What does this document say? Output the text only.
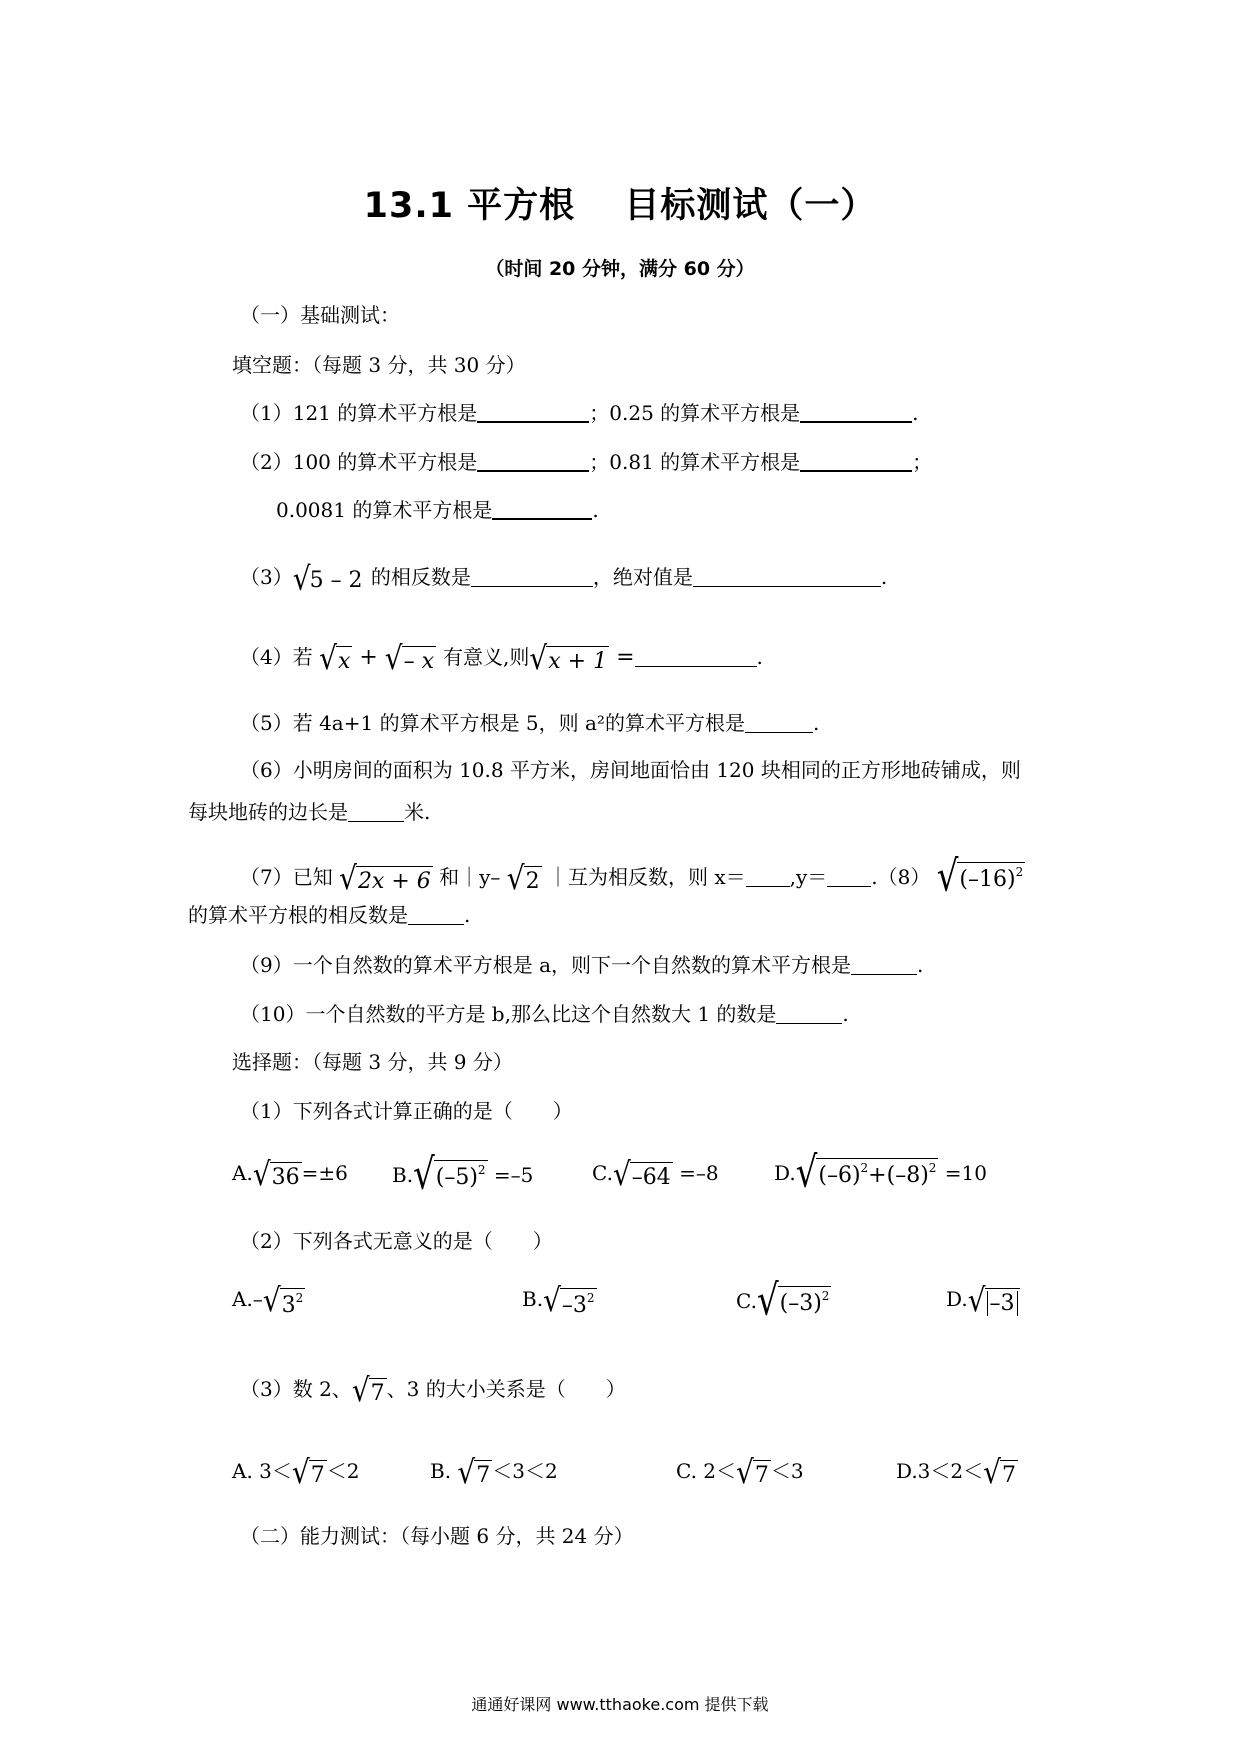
13.1 平方根　 目标测试（一）
（时间 20 分钟，满分 60 分）
（一）基础测试：
填空题：（每题 3 分，共 30 分）
（1）121 的算术平方根是	；0.25 的算术平方根是	.
（2）100 的算术平方根是	；0.81 的算术平方根是	；
0.0081 的算术平方根是	.
（3） √ 5 – 2 的相反数是	，绝对值是	.
（4）若 √ x + √ – x 有意义,则 √ x + 1 =	.
（5）若 4a+1 的算术平方根是 5，则 a²的算术平方根是	.
（6）小明房间的面积为 10.8 平方米，房间地面恰由 120 块相同的正方形地砖铺成，则
每块地砖的边长是	米.
（7）已知 √ 2x + 6 和｜y– √ 2 ｜互为相反数，则 x＝ ,y＝ .（8） √ $(-16)^2$
的算术平方根的相反数是	.
（9）一个自然数的算术平方根是 a，则下一个自然数的算术平方根是	.
（10）一个自然数的平方是 b,那么比这个自然数大 1 的数是	.
选择题：（每题 3 分，共 9 分）
（1）下列各式计算正确的是（　　）
A. √ 36 =±6 B. √ $(-5)^2 =-5$	C. √ –64 =–8	D. √ $(-6)^2+(-8)^2 =10$
（2）下列各式无意义的是（　　）
A.– √ $3^2$	B. √ $-3^2$	C. √ $(-3)^2$	D. √ –3
（3）数 2、 √ 7 、3 的大小关系是（　　）
A. 3＜ √ 7 ＜2	B. √ 7 ＜3＜2	C. 2＜ √ 7 ＜3	D.3＜2＜ √ 7
（二）能力测试：（每小题 6 分，共 24 分）
通通好课网 www.tthaoke.com 提供下载
